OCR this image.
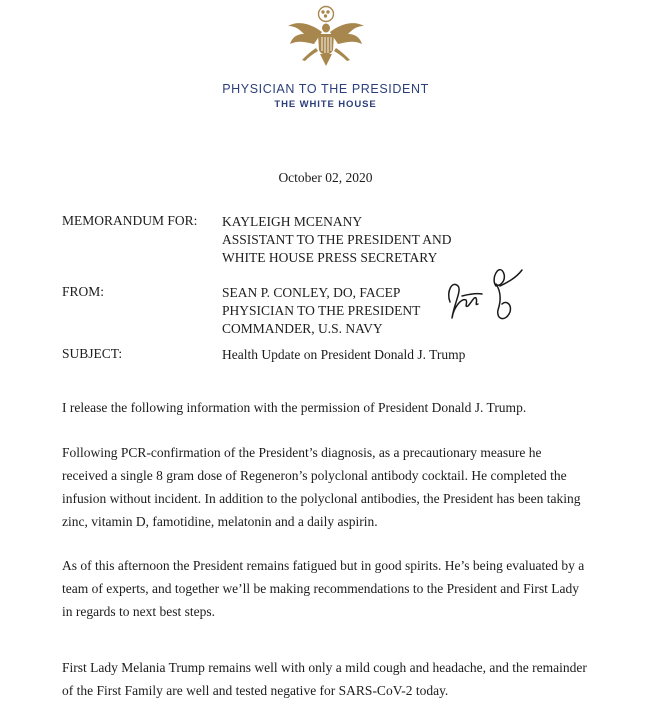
PHYSICIAN TO THE PRESIDENT
THE WHITE HOUSE
October 02, 2020
MEMORANDUM FOR: KAYLEIGH MCENANY
ASSISTANT TO THE PRESIDENT AND
WHITE HOUSE PRESS SECRETARY
FROM:	SEAN P. CONLEY, DO, FACEP
PHYSICIAN TO THE PRESIDENT
COMMANDER, U.S. NAVY
SUBJECT:	Health Update on President Donald J. Trump
I release the following information with the permission of President Donald J. Trump.
Following PCR-confirmation of the President’s diagnosis, as a precautionary measure he
received a single 8 gram dose of Regeneron’s polyclonal antibody cocktail. He completed the
infusion without incident. In addition to the polyclonal antibodies, the President has been taking
zinc, vitamin D, famotidine, melatonin and a daily aspirin.
As of this afternoon the President remains fatigued but in good spirits. He’s being evaluated by a
team of experts, and together we’ll be making recommendations to the President and First Lady
in regards to next best steps.
First Lady Melania Trump remains well with only a mild cough and headache, and the remainder
of the First Family are well and tested negative for SARS-CoV-2 today.
